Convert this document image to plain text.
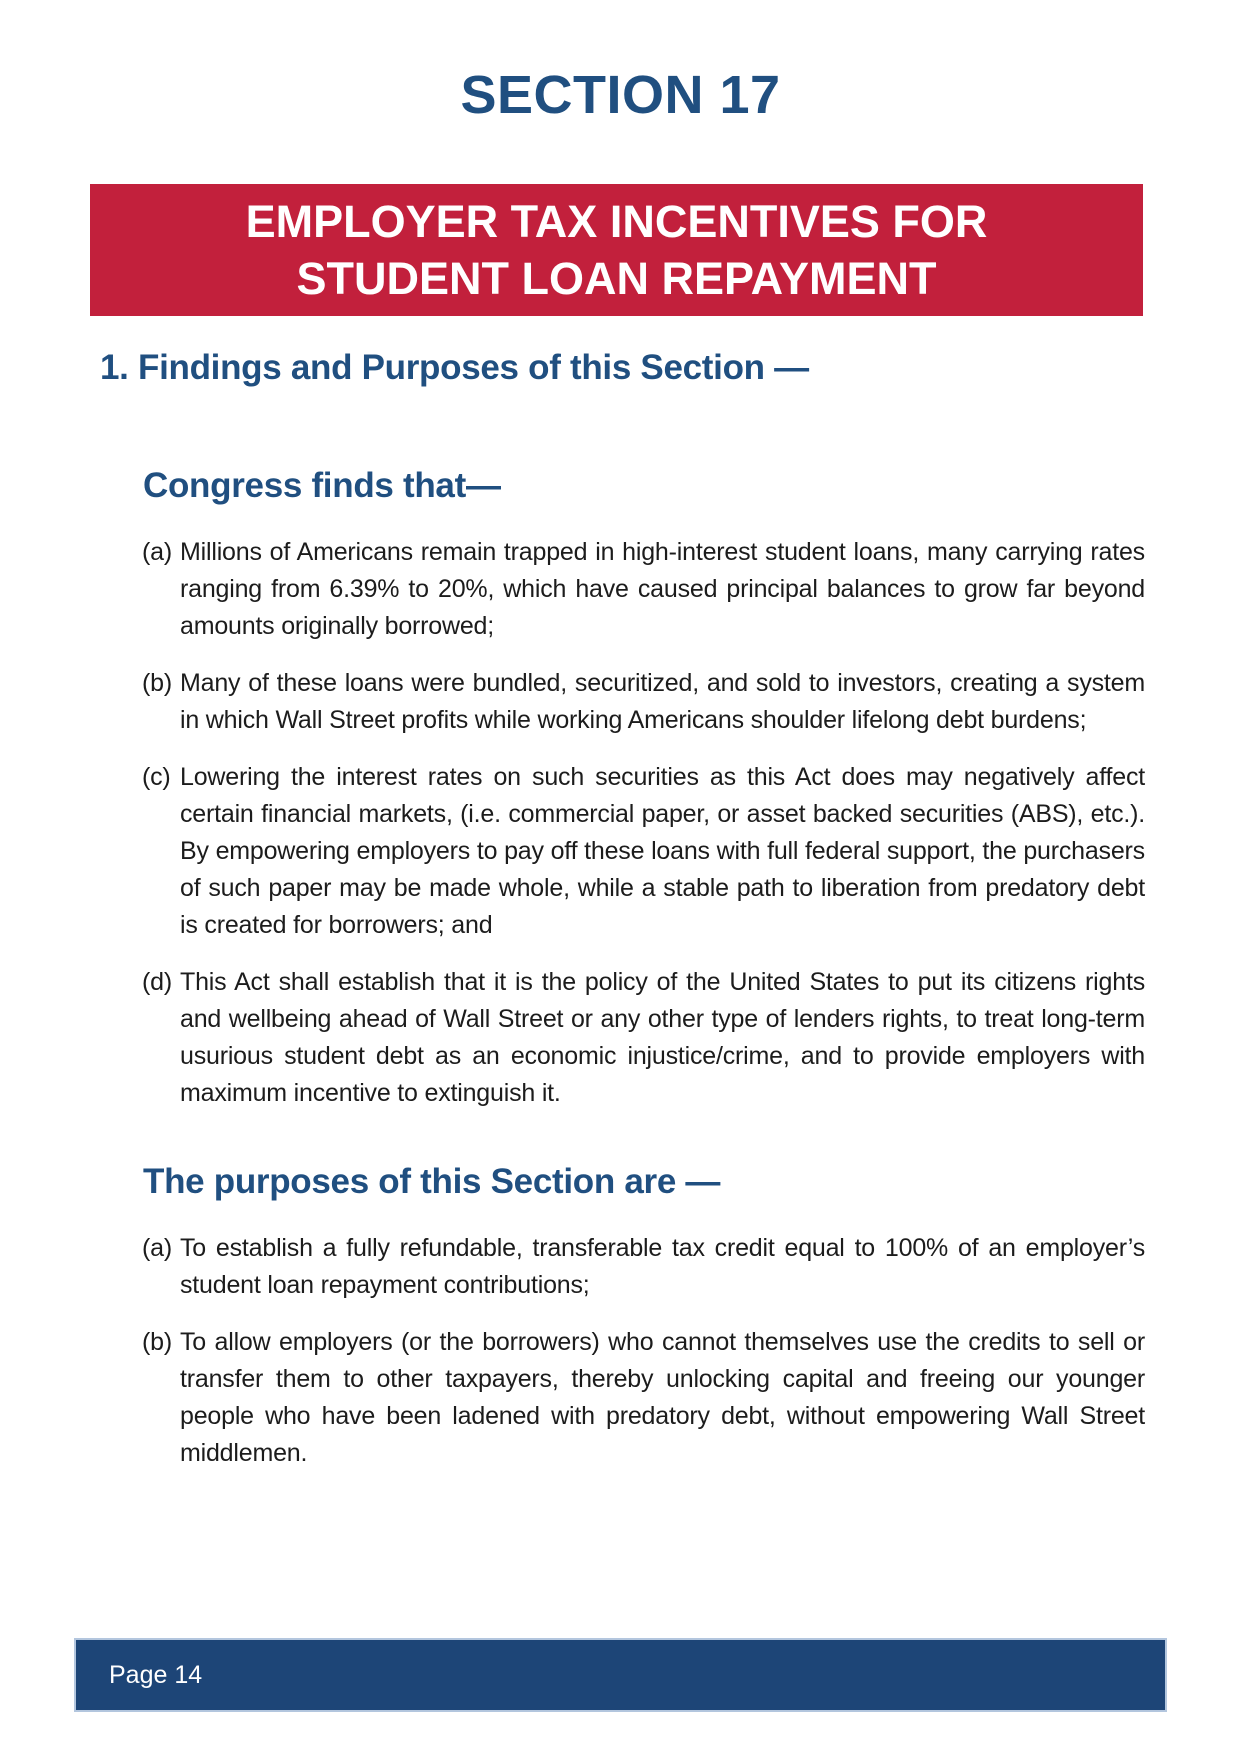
SECTION 17
EMPLOYER TAX INCENTIVES FOR
STUDENT LOAN REPAYMENT
1. Findings and Purposes of this Section —
Congress finds that—
(a) Millions of Americans remain trapped in high-interest student loans, many carrying rates ranging from 6.39% to 20%, which have caused principal balances to grow far beyond amounts originally borrowed;
(b) Many of these loans were bundled, securitized, and sold to investors, creating a system in which Wall Street profits while working Americans shoulder lifelong debt burdens;
(c) Lowering the interest rates on such securities as this Act does may negatively affect certain financial markets, (i.e. commercial paper, or asset backed securities (ABS), etc.). By empowering employers to pay off these loans with full federal support, the purchasers of such paper may be made whole, while a stable path to liberation from predatory debt is created for borrowers; and
(d) This Act shall establish that it is the policy of the United States to put its citizens rights and wellbeing ahead of Wall Street or any other type of lenders rights, to treat long-term usurious student debt as an economic injustice/crime, and to provide employers with maximum incentive to extinguish it.
The purposes of this Section are —
(a) To establish a fully refundable, transferable tax credit equal to 100% of an employer’s student loan repayment contributions;
(b) To allow employers (or the borrowers) who cannot themselves use the credits to sell or transfer them to other taxpayers, thereby unlocking capital and freeing our younger people who have been ladened with predatory debt, without empowering Wall Street middlemen.
Page 14
